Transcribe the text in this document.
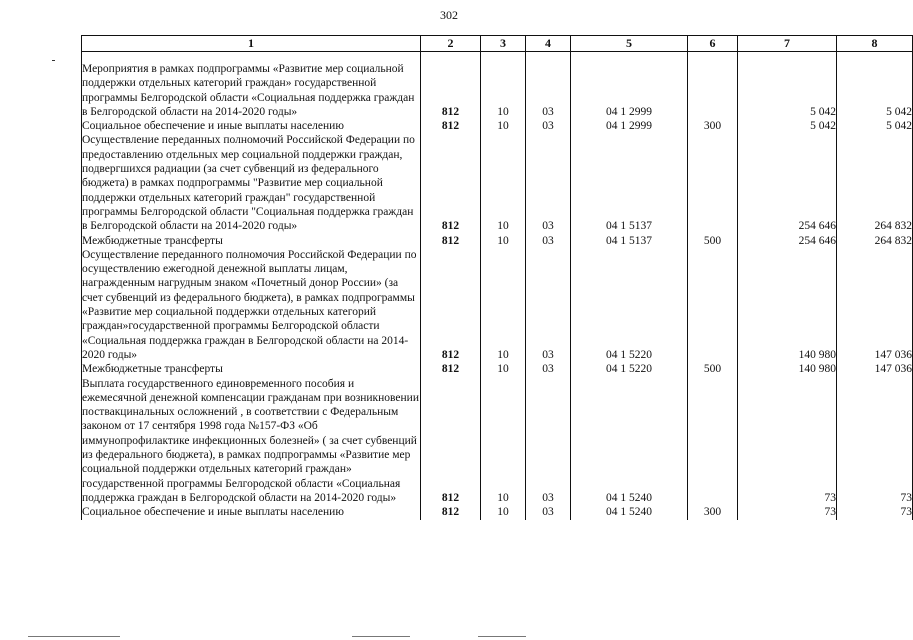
302
1	2	3	4	5	6	7	8

Мероприятия в рамках подпрограммы «Развитие мер социальной поддержки отдельных категорий граждан» государственной программы Белгородской области «Социальная поддержка граждан в Белгородской области на 2014-2020 годы»	812	10	03	04 1 2999		5 042	5 042
Социальное обеспечение и иные выплаты населению	812	10	03	04 1 2999	300	5 042	5 042
Осуществление переданных полномочий Российской Федерации по предоставлению отдельных мер социальной поддержки граждан, подвергшихся радиации (за счет субвенций из федерального бюджета) в рамках подпрограммы "Развитие мер социальной поддержки отдельных категорий граждан" государственной программы Белгородской области "Социальная поддержка граждан в Белгородской области на 2014-2020 годы»	812	10	03	04 1 5137		254 646	264 832
Межбюджетные трансферты	812	10	03	04 1 5137	500	254 646	264 832
Осуществление переданного полномочия Российской Федерации по осуществлению ежегодной денежной выплаты лицам, награжденным нагрудным знаком «Почетный донор России» (за счет субвенций из федерального бюджета), в рамках подпрограммы «Развитие мер социальной поддержки отдельных категорий граждан»государственной программы Белгородской области «Социальная поддержка граждан в Белгородской области на 2014-2020 годы»	812	10	03	04 1 5220		140 980	147 036
Межбюджетные трансферты	812	10	03	04 1 5220	500	140 980	147 036
Выплата государственного единовременного пособия и ежемесячной денежной компенсации гражданам при возникновении поствакцинальных осложнений , в соответствии с Федеральным законом от 17 сентября 1998 года №157-ФЗ «Об иммунопрофилактике инфекционных болезней» ( за счет субвенций из федерального бюджета), в рамках подпрограммы «Развитие мер социальной поддержки отдельных категорий граждан» государственной программы Белгородской области «Социальная поддержка граждан в Белгородской области на 2014-2020 годы»	812	10	03	04 1 5240		73	73
Социальное обеспечение и иные выплаты населению	812	10	03	04 1 5240	300	73	73
